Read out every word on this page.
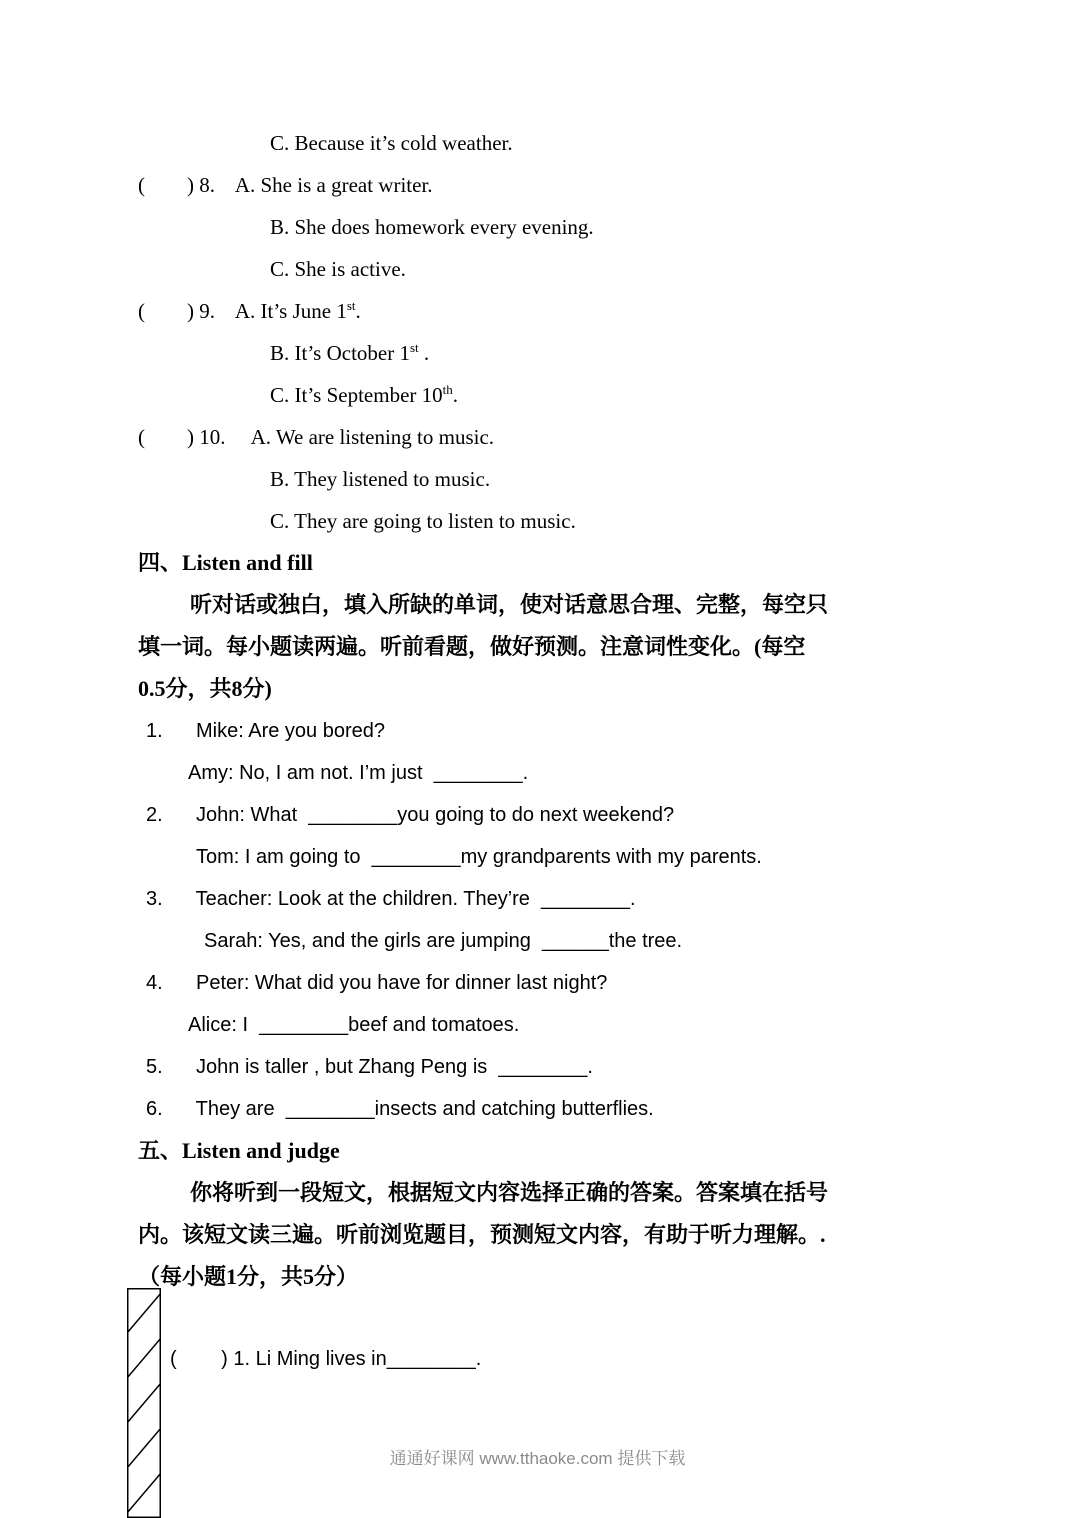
C. Because it’s cold weather.
(        ) 8.    A. She is a great writer.
B. She does homework every evening.
C. She is active.
(        ) 9.    A. It’s June 1st.
B. It’s October 1st .
C. It’s September 10th.
(        ) 10.     A. We are listening to music.
B. They listened to music.
C. They are going to listen to music.
四、Listen and fill
听对话或独白，填入所缺的单词，使对话意思合理、完整，每空只
填一词。每小题读两遍。听前看题，做好预测。注意词性变化。(每空
0.5分，共8分)
1.      Mike: Are you bored?
Amy: No, I am not. I’m just  ________.
2.      John: What  ________you going to do next weekend?
Tom: I am going to  ________my grandparents with my parents.
3.      Teacher: Look at the children. They’re  ________.
Sarah: Yes, and the girls are jumping  ______the tree.
4.      Peter: What did you have for dinner last night?
Alice: I  ________beef and tomatoes.
5.      John is taller , but Zhang Peng is  ________.
6.      They are  ________insects and catching butterflies.
五、Listen and judge
你将听到一段短文，根据短文内容选择正确的答案。答案填在括号
内。该短文读三遍。听前浏览题目，预测短文内容，有助于听力理解。.
（每小题1分，共5分）
(        ) 1. Li Ming lives in________.
通通好课网 www.tthaoke.com 提供下载
